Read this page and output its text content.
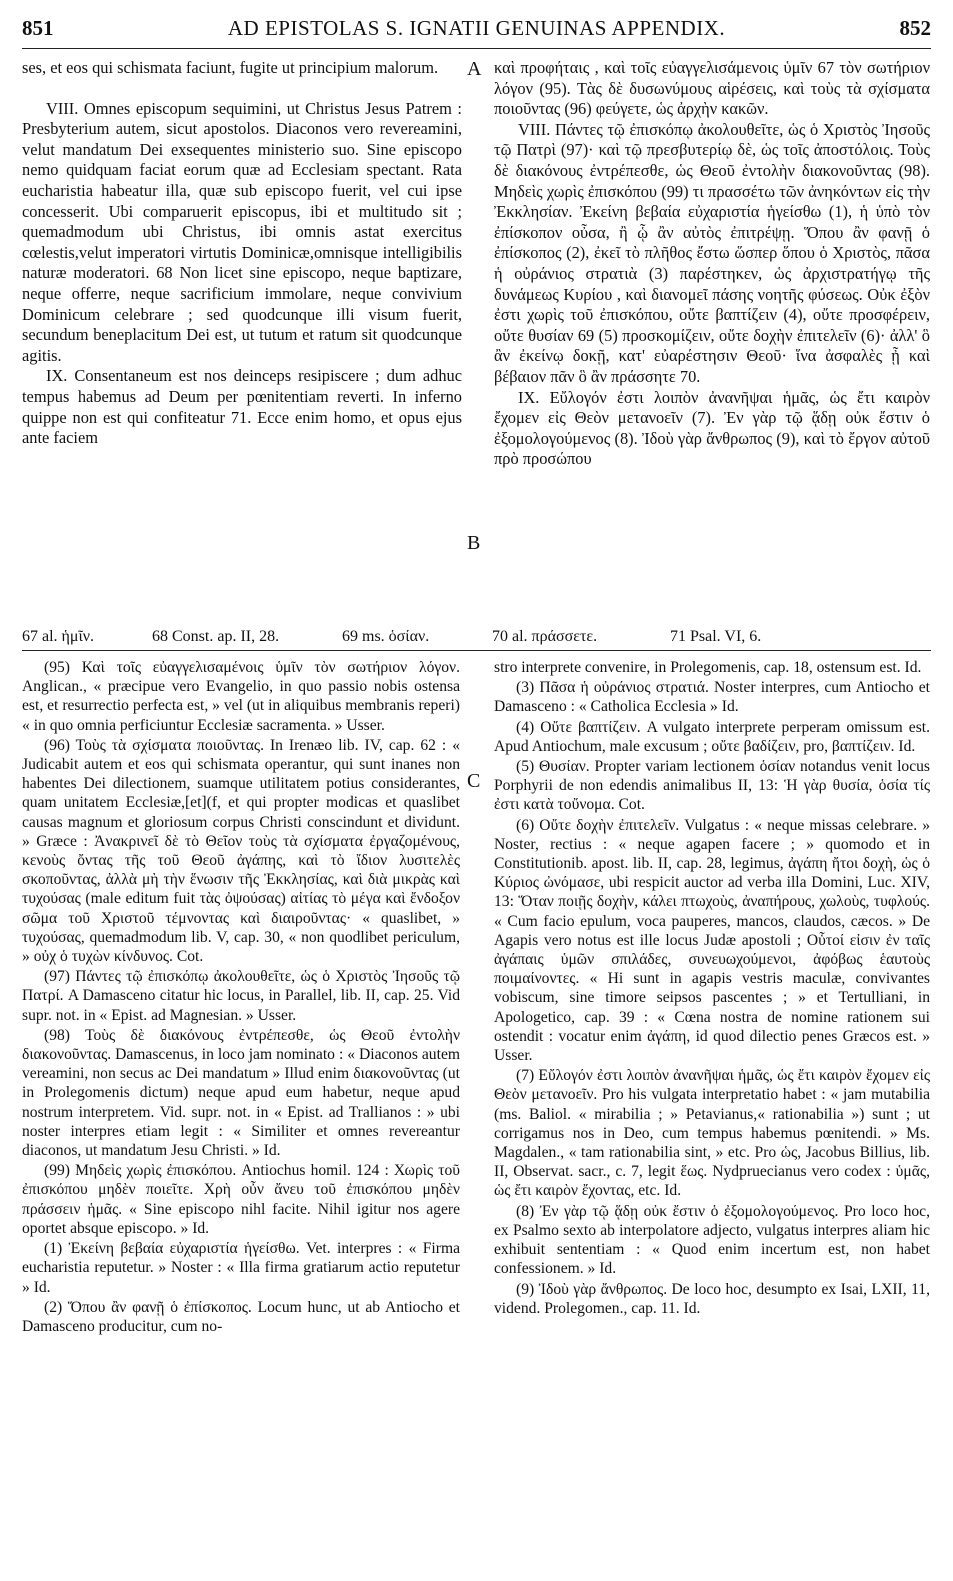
851	AD EPISTOLAS S. IGNATII GENUINAS APPENDIX.	852

ses, et eos qui schismata faciunt, fugite ut principium malorum.

VIII. Omnes episcopum sequimini, ut Christus Jesus Patrem : Presbyterium autem, sicut apostolos. Diaconos vero revereamini, velut mandatum Dei exsequentes ministerio suo. Sine episcopo nemo quidquam faciat eorum quæ ad Ecclesiam spectant. Rata eucharistia habeatur illa, quæ sub episcopo fuerit, vel cui ipse concesserit. Ubi comparuerit episcopus, ibi et multitudo sit ; quemadmodum ubi Christus, ibi omnis astat exercitus cœlestis,velut imperatori virtutis Dominicæ,omnisque intelligibilis naturæ moderatori. 68 Non licet sine episcopo, neque baptizare, neque offerre, neque sacrificium immolare, neque convivium Dominicum celebrare ; sed quodcunque illi visum fuerit, secundum beneplacitum Dei est, ut tutum et ratum sit quodcunque agitis.

IX. Consentaneum est nos deinceps resipiscere ; dum adhuc tempus habemus ad Deum per pœnitentiam reverti. In inferno quippe non est qui confiteatur 71. Ecce enim homo, et opus ejus ante faciem

A
B
C

καὶ προφήταις , καὶ τοῖς εὐαγγελισάμενοις ὑμῖν 67 τὸν σωτήριον λόγον (95). Τὰς δὲ δυσωνύμους αἱρέσεις, καὶ τοὺς τὰ σχίσματα ποιοῦντας (96) φεύγετε, ὡς ἀρχὴν κακῶν.

VIII. Πάντες τῷ ἐπισκόπῳ ἀκολουθεῖτε, ὡς ὁ Χριστὸς Ἰησοῦς τῷ Πατρὶ (97)· καὶ τῷ πρεσβυτερίῳ δὲ, ὡς τοῖς ἀποστόλοις. Τοὺς δὲ διακόνους ἐντρέπεσθε, ὡς Θεοῦ ἐντολὴν διακονοῦντας (98). Μηδεὶς χωρὶς ἐπισκόπου (99) τι πρασσέτω τῶν ἀνηκόντων εἰς τὴν Ἐκκλησίαν. Ἐκείνη βεβαία εὐχαριστία ἡγείσθω (1), ἡ ὑπὸ τὸν ἐπίσκοπον οὖσα, ἢ ᾧ ἂν αὐτὸς ἐπιτρέψῃ. Ὅπου ἂν φανῇ ὁ ἐπίσκοπος (2), ἐκεῖ τὸ πλῆθος ἔστω ὥσπερ ὅπου ὁ Χριστὸς, πᾶσα ἡ οὐράνιος στρατιὰ (3) παρέστηκεν, ὡς ἀρχιστρατήγῳ τῆς δυνάμεως Κυρίου , καὶ διανομεῖ πάσης νοητῆς φύσεως. Οὐκ ἐξὸν ἐστι χωρὶς τοῦ ἐπισκόπου, οὔτε βαπτίζειν (4), οὔτε προσφέρειν, οὔτε θυσίαν 69 (5) προσκομίζειν, οὔτε δοχὴν ἐπιτελεῖν (6)· ἀλλ' ὃ ἂν ἐκείνῳ δοκῇ, κατ' εὐαρέστησιν Θεοῦ· ἵνα ἀσφαλὲς ᾖ καὶ βέβαιον πᾶν ὃ ἂν πράσσητε 70.

IX. Εὔλογόν ἐστι λοιπὸν ἀνανῆψαι ἡμᾶς, ὡς ἔτι καιρὸν ἔχομεν εἰς Θεὸν μετανοεῖν (7). Ἐν γὰρ τῷ ᾅδῃ οὐκ ἔστιν ὁ ἐξομολογούμενος (8). Ἰδοὺ γὰρ ἄνθρωπος (9), καὶ τὸ ἔργον αὐτοῦ πρὸ προσώπου

67 al. ἡμῖν.	68 Const. ap. II, 28.	69 ms. ὁσίαν.	70 al. πράσσετε.	71 Psal. VI, 6.

(95) Καὶ τοῖς εὐαγγελισαμένοις ὑμῖν τὸν σωτήριον λόγον. Anglican., « præcipue vero Evangelio, in quo passio nobis ostensa est, et resurrectio perfecta est, » vel (ut in aliquibus membranis reperi) « in quo omnia perficiuntur Ecclesiæ sacramenta. » Usser.

(96) Τοὺς τὰ σχίσματα ποιοῦντας. In Irenæo lib. IV, cap. 62 : « Judicabit autem et eos qui schismata operantur, qui sunt inanes non habentes Dei dilectionem, suamque utilitatem potius considerantes, quam unitatem Ecclesiæ,[et](f, et qui propter modicas et quaslibet causas magnum et gloriosum corpus Christi conscindunt et dividunt. » Græce : Ἀνακρινεῖ δὲ τὸ Θεῖον τοὺς τὰ σχίσματα ἐργαζομένους, κενοὺς ὄντας τῆς τοῦ Θεοῦ ἀγάπης, καὶ τὸ ἴδιον λυσιτελὲς σκοποῦντας, ἀλλὰ μὴ τὴν ἕνωσιν τῆς Ἐκκλησίας, καὶ διὰ μικρὰς καὶ τυχούσας (male editum fuit τὰς ὀψούσας) αἰτίας τὸ μέγα καὶ ἔνδοξον σῶμα τοῦ Χριστοῦ τέμνοντας καὶ διαιροῦντας· « quaslibet, » τυχούσας, quemadmodum lib. V, cap. 30, « non quodlibet periculum, » οὐχ ὁ τυχὼν κίνδυνος. Cot.

(97) Πάντες τῷ ἐπισκόπῳ ἀκολουθεῖτε, ὡς ὁ Χριστὸς Ἰησοῦς τῷ Πατρί. A Damasceno citatur hic locus, in Parallel, lib. II, cap. 25. Vid supr. not. in « Epist. ad Magnesian. » Usser.

(98) Τοὺς δὲ διακόνους ἐντρέπεσθε, ὡς Θεοῦ ἐντολὴν διακονοῦντας. Damascenus, in loco jam nominato : « Diaconos autem vereamini, non secus ac Dei mandatum » Illud enim διακονοῦντας (ut in Prolegomenis dictum) neque apud eum habetur, neque apud nostrum interpretem. Vid. supr. not. in « Epist. ad Trallianos : » ubi noster interpres etiam legit : « Similiter et omnes revereantur diaconos, ut mandatum Jesu Christi. » Id.

(99) Μηδεὶς χωρὶς ἐπισκόπου. Antiochus homil. 124 : Χωρὶς τοῦ ἐπισκόπου μηδὲν ποιεῖτε. Χρὴ οὖν ἄνευ τοῦ ἐπισκόπου μηδὲν πράσσειν ἡμᾶς. « Sine episcopo nihl facite. Nihil igitur nos agere oportet absque episcopo. » Id.

(1) Ἐκείνη βεβαία εὐχαριστία ἡγείσθω. Vet. interpres : « Firma eucharistia reputetur. » Noster : « Illa firma gratiarum actio reputetur » Id.

(2) Ὅπου ἂν φανῇ ὁ ἐπίσκοπος. Locum hunc, ut ab Antiocho et Damasceno producitur, cum no-

stro interprete convenire, in Prolegomenis, cap. 18, ostensum est. Id.

(3) Πᾶσα ἡ οὐράνιος στρατιά. Noster interpres, cum Antiocho et Damasceno : « Catholica Ecclesia » Id.

(4) Οὔτε βαπτίζειν. A vulgato interprete perperam omissum est. Apud Antiochum, male excusum ; οὔτε βαδίζειν, pro, βαπτίζειν. Id.

(5) Θυσίαν. Propter variam lectionem ὁσίαν notandus venit locus Porphyrii de non edendis animalibus II, 13: Ἡ γὰρ θυσία, ὁσία τίς ἐστι κατὰ τοὔνομα. Cot.

(6) Οὔτε δοχὴν ἐπιτελεῖν. Vulgatus : « neque missas celebrare. » Noster, rectius : « neque agapen facere ; » quomodo et in Constitutionib. apost. lib. II, cap. 28, legimus, ἀγάπη ἤτοι δοχὴ, ὡς ὁ Κύριος ὠνόμασε, ubi respicit auctor ad verba illa Domini, Luc. XIV, 13: Ὅταν ποιῇς δοχὴν, κάλει πτωχοὺς, ἀναπήρους, χωλοὺς, τυφλούς. « Cum facio epulum, voca pauperes, mancos, claudos, cæcos. » De Agapis vero notus est ille locus Judæ apostoli ; Οὗτοί εἰσιν ἐν ταῖς ἀγάπαις ὑμῶν σπιλάδες, συνευωχούμενοι, ἀφόβως ἑαυτοὺς ποιμαίνοντες. « Hi sunt in agapis vestris maculæ, convivantes vobiscum, sine timore seipsos pascentes ; » et Tertulliani, in Apologetico, cap. 39 : « Cœna nostra de nomine rationem sui ostendit : vocatur enim ἀγάπη, id quod dilectio penes Græcos est. » Usser.

(7) Εὔλογόν ἐστι λοιπὸν ἀνανῆψαι ἡμᾶς, ὡς ἔτι καιρὸν ἔχομεν εἰς Θεὸν μετανοεῖν. Pro his vulgata interpretatio habet : « jam mutabilia (ms. Baliol. « mirabilia ; » Petavianus,« rationabilia ») sunt ; ut corrigamus nos in Deo, cum tempus habemus pœnitendi. » Ms. Magdalen., « tam rationabilia sint, » etc. Pro ὡς, Jacobus Billius, lib. II, Observat. sacr., c. 7, legit ἕως. Nydpruecianus vero codex : ὑμᾶς, ὡς ἔτι καιρὸν ἔχοντας, etc. Id.

(8) Ἐν γὰρ τῷ ᾅδῃ οὐκ ἔστιν ὁ ἐξομολογούμενος. Pro loco hoc, ex Psalmo sexto ab interpolatore adjecto, vulgatus interpres aliam hic exhibuit sententiam : « Quod enim incertum est, non habet confessionem. » Id.

(9) Ἰδοὺ γὰρ ἄνθρωπος. De loco hoc, desumpto ex Isai, LXII, 11, vidend. Prolegomen., cap. 11. Id.
